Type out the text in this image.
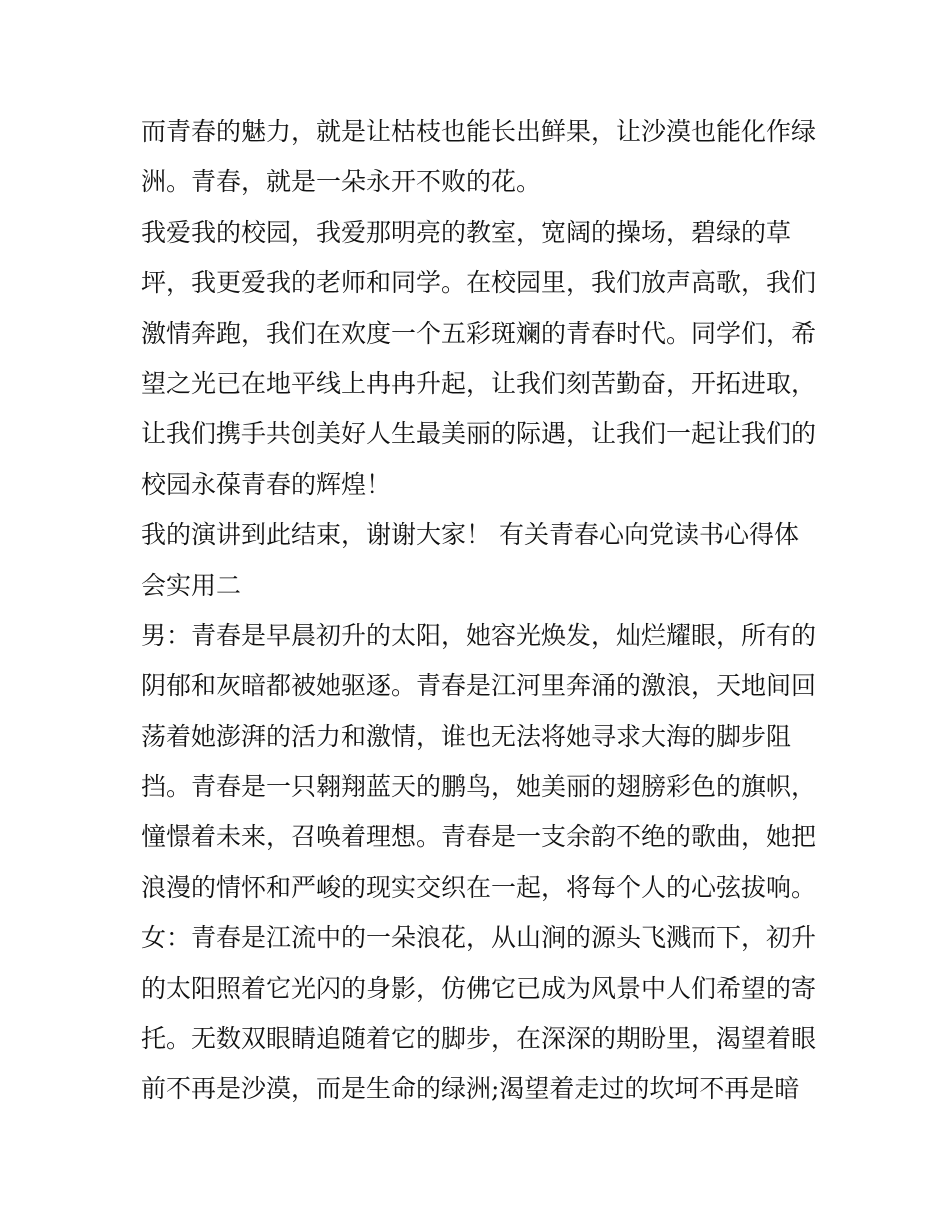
而青春的魅力，就是让枯枝也能长出鲜果，让沙漠也能化作绿

洲。青春，就是一朵永开不败的花。

我爱我的校园，我爱那明亮的教室，宽阔的操场，碧绿的草

坪，我更爱我的老师和同学。在校园里，我们放声高歌，我们

激情奔跑，我们在欢度一个五彩斑斓的青春时代。同学们，希

望之光已在地平线上冉冉升起，让我们刻苦勤奋，开拓进取，

让我们携手共创美好人生最美丽的际遇，让我们一起让我们的

校园永葆青春的辉煌！

我的演讲到此结束，谢谢大家！ 有关青春心向党读书心得体

会实用二

男：青春是早晨初升的太阳，她容光焕发，灿烂耀眼，所有的

阴郁和灰暗都被她驱逐。青春是江河里奔涌的激浪，天地间回

荡着她澎湃的活力和激情，谁也无法将她寻求大海的脚步阻

挡。青春是一只翱翔蓝天的鹏鸟，她美丽的翅膀彩色的旗帜，

憧憬着未来，召唤着理想。青春是一支余韵不绝的歌曲，她把

浪漫的情怀和严峻的现实交织在一起，将每个人的心弦拔响。

女：青春是江流中的一朵浪花，从山涧的源头飞溅而下，初升

的太阳照着它光闪的身影，仿佛它已成为风景中人们希望的寄

托。无数双眼睛追随着它的脚步，在深深的期盼里，渴望着眼

前不再是沙漠，而是生命的绿洲;渴望着走过的坎坷不再是暗
